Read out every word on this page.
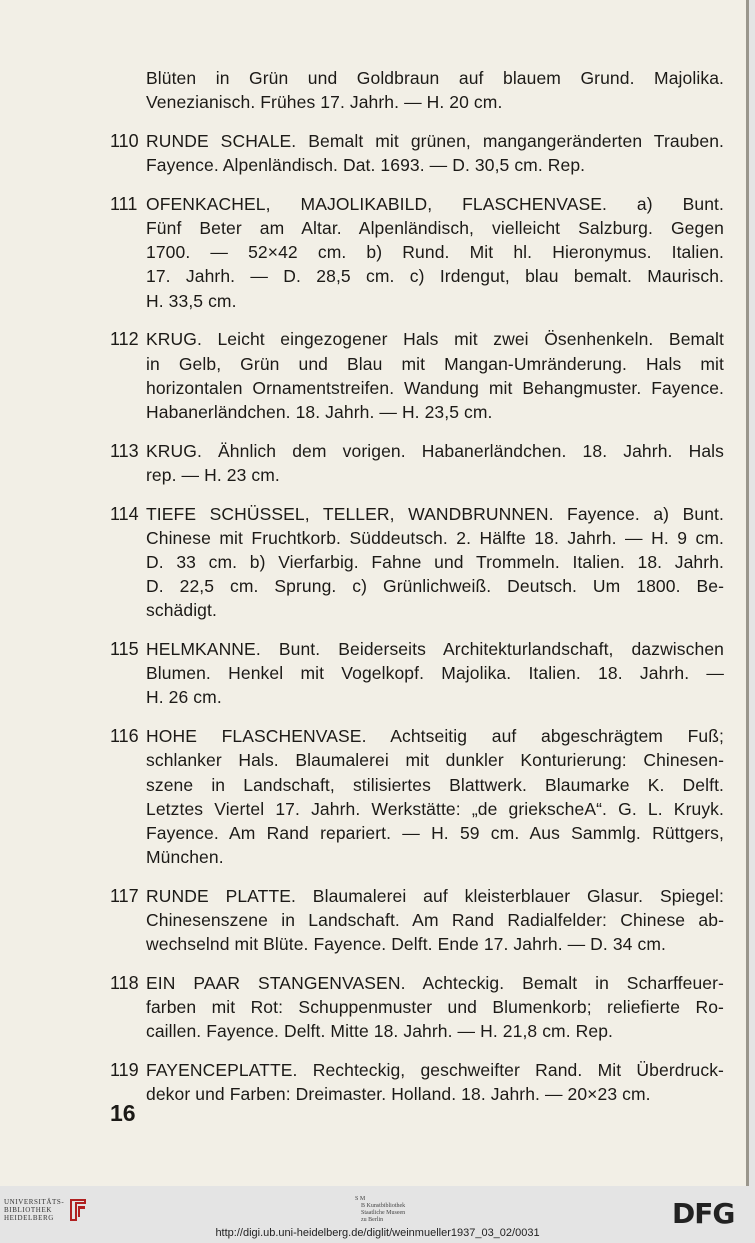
Blüten in Grün und Goldbraun auf blauem Grund. Majolika.
Venezianisch. Frühes 17. Jahrh. — H. 20 cm.
110 RUNDE SCHALE. Bemalt mit grünen, mangangeränderten Trauben.
Fayence. Alpenländisch. Dat. 1693. — D. 30,5 cm. Rep.
111 OFENKACHEL, MAJOLIKABILD, FLASCHENVASE. a) Bunt.
Fünf Beter am Altar. Alpenländisch, vielleicht Salzburg. Gegen
1700. — 52×42 cm. b) Rund. Mit hl. Hieronymus. Italien.
17. Jahrh. — D. 28,5 cm. c) Irdengut, blau bemalt. Maurisch.
H. 33,5 cm.
112 KRUG. Leicht eingezogener Hals mit zwei Ösenhenkeln. Bemalt
in Gelb, Grün und Blau mit Mangan-Umränderung. Hals mit
horizontalen Ornamentstreifen. Wandung mit Behangmuster. Fayence.
Habanerländchen. 18. Jahrh. — H. 23,5 cm.
113 KRUG. Ähnlich dem vorigen. Habanerländchen. 18. Jahrh. Hals
rep. — H. 23 cm.
114 TIEFE SCHÜSSEL, TELLER, WANDBRUNNEN. Fayence. a) Bunt.
Chinese mit Fruchtkorb. Süddeutsch. 2. Hälfte 18. Jahrh. — H. 9 cm.
D. 33 cm. b) Vierfarbig. Fahne und Trommeln. Italien. 18. Jahrh.
D. 22,5 cm. Sprung. c) Grünlichweiß. Deutsch. Um 1800. Be-
schädigt.
115 HELMKANNE. Bunt. Beiderseits Architekturlandschaft, dazwischen
Blumen. Henkel mit Vogelkopf. Majolika. Italien. 18. Jahrh. —
H. 26 cm.
116 HOHE FLASCHENVASE. Achtseitig auf abgeschrägtem Fuß;
schlanker Hals. Blaumalerei mit dunkler Konturierung: Chinesen-
szene in Landschaft, stilisiertes Blattwerk. Blaumarke K. Delft.
Letztes Viertel 17. Jahrh. Werkstätte: „de griekscheA“. G. L. Kruyk.
Fayence. Am Rand repariert. — H. 59 cm. Aus Sammlg. Rüttgers,
München.
117 RUNDE PLATTE. Blaumalerei auf kleisterblauer Glasur. Spiegel:
Chinesenszene in Landschaft. Am Rand Radialfelder: Chinese ab-
wechselnd mit Blüte. Fayence. Delft. Ende 17. Jahrh. — D. 34 cm.
118 EIN PAAR STANGENVASEN. Achteckig. Bemalt in Scharffeuer-
farben mit Rot: Schuppenmuster und Blumenkorb; reliefierte Ro-
caillen. Fayence. Delft. Mitte 18. Jahrh. — H. 21,8 cm. Rep.
119 FAYENCEPLATTE. Rechteckig, geschweifter Rand. Mit Überdruck-
dekor und Farben: Dreimaster. Holland. 18. Jahrh. — 20×23 cm.
16
UNIVERSITÄTS-
BIBLIOTHEK
HEIDELBERG
S M
B Kunstbibliothek
Staatliche Museen
zu Berlin	DFG
http://digi.ub.uni-heidelberg.de/diglit/weinmueller1937_03_02/0031
